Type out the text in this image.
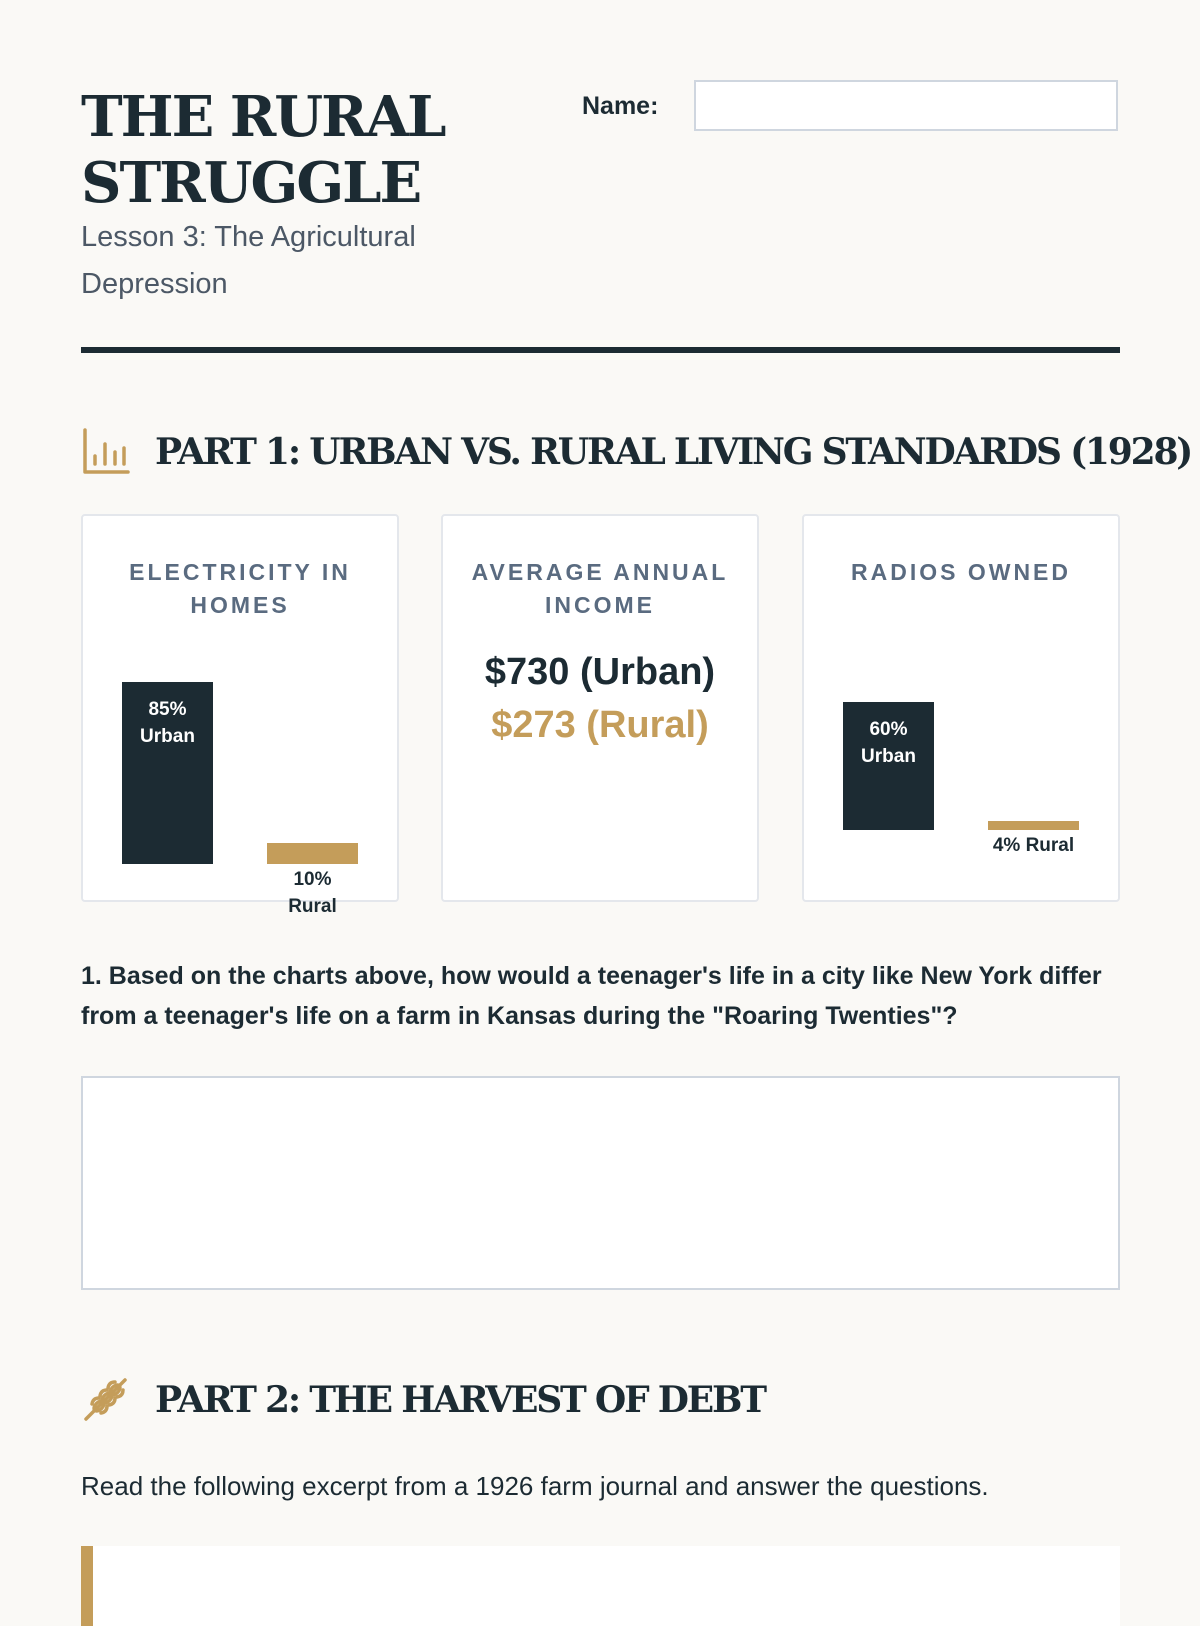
THE RURAL STRUGGLE

Lesson 3: The Agricultural Depression

Name:
PART 1: URBAN VS. RURAL LIVING STANDARDS (1928)
ELECTRICITY IN HOMES
85% Urban
10% Rural
AVERAGE ANNUAL INCOME
$730 (Urban)
$273 (Rural)
RADIOS OWNED
60% Urban
4% Rural

1. Based on the charts above, how would a teenager's life in a city like New York differ from a teenager's life on a farm in Kansas during the "Roaring Twenties"?

PART 2: THE HARVEST OF DEBT

Read the following excerpt from a 1926 farm journal and answer the questions.
